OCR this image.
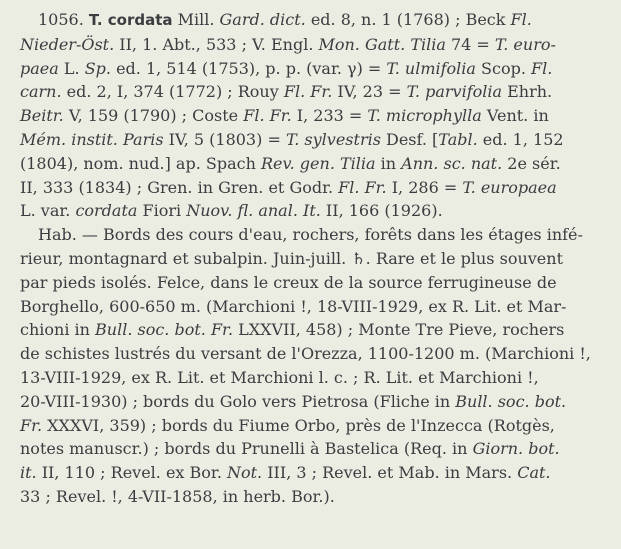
1056. T. cordata Mill. Gard. dict. ed. 8, n. 1 (1768) ; Beck Fl.
Nieder-Öst. II, 1. Abt., 533 ; V. Engl. Mon. Gatt. Tilia 74 = T. euro-
paea L. Sp. ed. 1, 514 (1753), p. p. (var. γ) = T. ulmifolia Scop. Fl.
carn. ed. 2, I, 374 (1772) ; Rouy Fl. Fr. IV, 23 = T. parvifolia Ehrh.
Beitr. V, 159 (1790) ; Coste Fl. Fr. I, 233 = T. microphylla Vent. in
Mém. instit. Paris IV, 5 (1803) = T. sylvestris Desf. [Tabl. ed. 1, 152
(1804), nom. nud.] ap. Spach Rev. gen. Tilia in Ann. sc. nat. 2e sér.
II, 333 (1834) ; Gren. in Gren. et Godr. Fl. Fr. I, 286 = T. europaea
L. var. cordata Fiori Nuov. fl. anal. It. II, 166 (1926).

Hab. — Bords des cours d'eau, rochers, forêts dans les étages infé-
rieur, montagnard et subalpin. Juin-juill. ♄. Rare et le plus souvent
par pieds isolés. Felce, dans le creux de la source ferrugineuse de
Borghello, 600-650 m. (Marchioni !, 18-VIII-1929, ex R. Lit. et Mar-
chioni in Bull. soc. bot. Fr. LXXVII, 458) ; Monte Tre Pieve, rochers
de schistes lustrés du versant de l'Orezza, 1100-1200 m. (Marchioni !,
13-VIII-1929, ex R. Lit. et Marchioni l. c. ; R. Lit. et Marchioni !,
20-VIII-1930) ; bords du Golo vers Pietrosa (Fliche in Bull. soc. bot.
Fr. XXXVI, 359) ; bords du Fiume Orbo, près de l'Inzecca (Rotgès,
notes manuscr.) ; bords du Prunelli à Bastelica (Req. in Giorn. bot.
it. II, 110 ; Revel. ex Bor. Not. III, 3 ; Revel. et Mab. in Mars. Cat.
33 ; Revel. !, 4-VII-1858, in herb. Bor.).
